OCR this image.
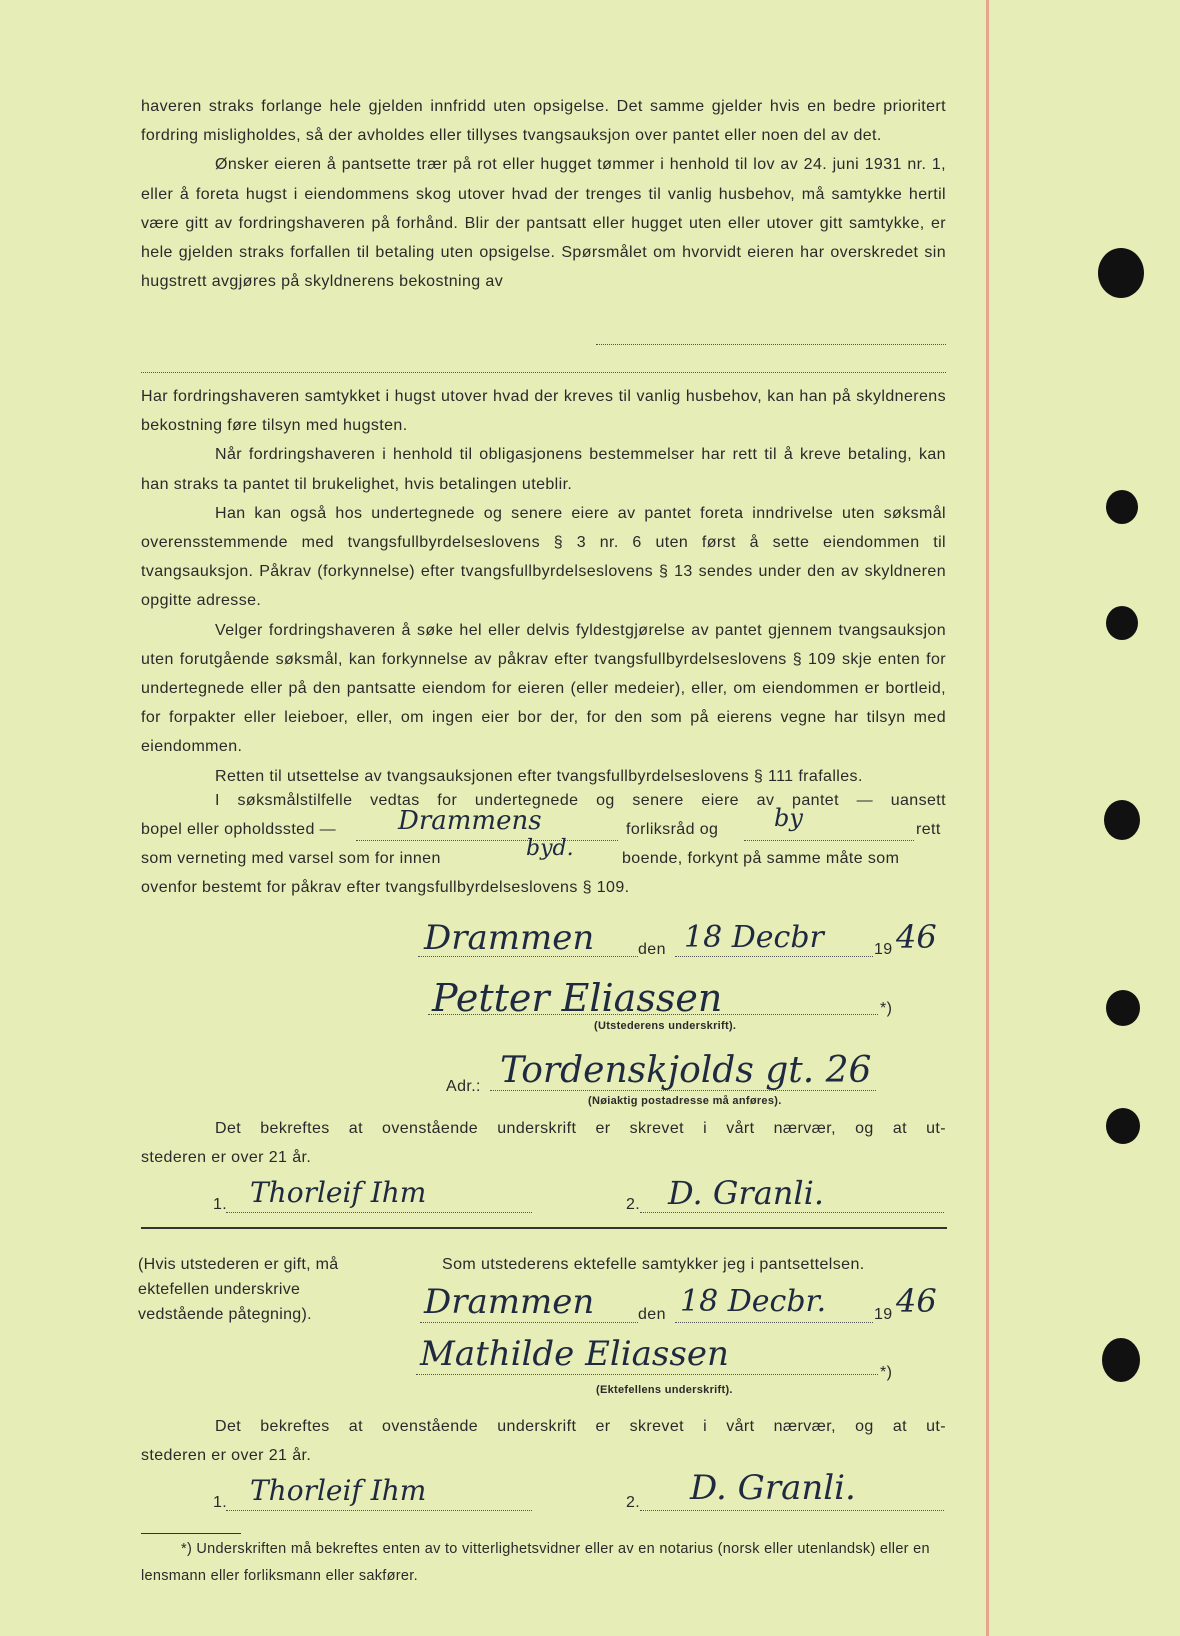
haveren straks forlange hele gjelden innfridd uten opsigelse. Det samme gjelder hvis en bedre prioritert fordring misligholdes, så der avholdes eller tillyses tvangsauksjon over pantet eller noen del av det.

Ønsker eieren å pantsette trær på rot eller hugget tømmer i henhold til lov av 24. juni 1931 nr. 1, eller å foreta hugst i eiendommens skog utover hvad der trenges til vanlig husbehov, må samtykke hertil være gitt av fordringshaveren på forhånd. Blir der pantsatt eller hugget uten eller utover gitt samtykke, er hele gjelden straks forfallen til betaling uten opsigelse. Spørsmålet om hvorvidt eieren har overskredet sin hugstrett avgjøres på skyldnerens bekostning av

Har fordringshaveren samtykket i hugst utover hvad der kreves til vanlig husbehov, kan han på skyldnerens bekostning føre tilsyn med hugsten.

Når fordringshaveren i henhold til obligasjonens bestemmelser har rett til å kreve betaling, kan han straks ta pantet til brukelighet, hvis betalingen uteblir.

Han kan også hos undertegnede og senere eiere av pantet foreta inndrivelse uten søksmål overensstemmende med tvangsfullbyrdelseslovens § 3 nr. 6 uten først å sette eiendommen til tvangsauksjon. Påkrav (forkynnelse) efter tvangsfullbyrdelseslovens § 13 sendes under den av skyldneren opgitte adresse.

Velger fordringshaveren å søke hel eller delvis fyldestgjørelse av pantet gjennem tvangsauksjon uten forutgående søksmål, kan forkynnelse av påkrav efter tvangsfullbyrdelseslovens § 109 skje enten for undertegnede eller på den pantsatte eiendom for eieren (eller medeier), eller, om eiendommen er bortleid, for forpakter eller leieboer, eller, om ingen eier bor der, for den som på eierens vegne har tilsyn med eiendommen.

Retten til utsettelse av tvangsauksjonen efter tvangsfullbyrdelseslovens § 111 frafalles.

I søksmålstilfelle vedtas for undertegnede og senere eiere av pantet — uansett
bopel eller opholdssted — Drammens	forliksråd og by	rett
som verneting med varsel som for innen	byd.	boende, forkynt på samme måte som
ovenfor bestemt for påkrav efter tvangsfullbyrdelseslovens § 109.
Drammen	den 18 Decbr	19 46
Petter Eliassen	*)
(Utstederens underskrift).
Adr.: Tordenskjolds gt. 26
(Nøiaktig postadresse må anføres).
Det bekreftes at ovenstående underskrift er skrevet i vårt nærvær, og at ut-
stederen er over 21 år.
1. Thorleif Ihm	2. D. Granli.
(Hvis utstederen er gift, må ektefellen underskrive vedstående påtegning).
Som utstederens ektefelle samtykker jeg i pantsettelsen.
Drammen	den 18 Decbr.	19 46
Mathilde Eliassen	*)
(Ektefellens underskrift).
Det bekreftes at ovenstående underskrift er skrevet i vårt nærvær, og at ut-
stederen er over 21 år.
1. Thorleif Ihm	2. D. Granli.
*) Underskriften må bekreftes enten av to vitterlighetsvidner eller av en notarius (norsk eller utenlandsk) eller en lensmann eller forliksmann eller sakfører.
